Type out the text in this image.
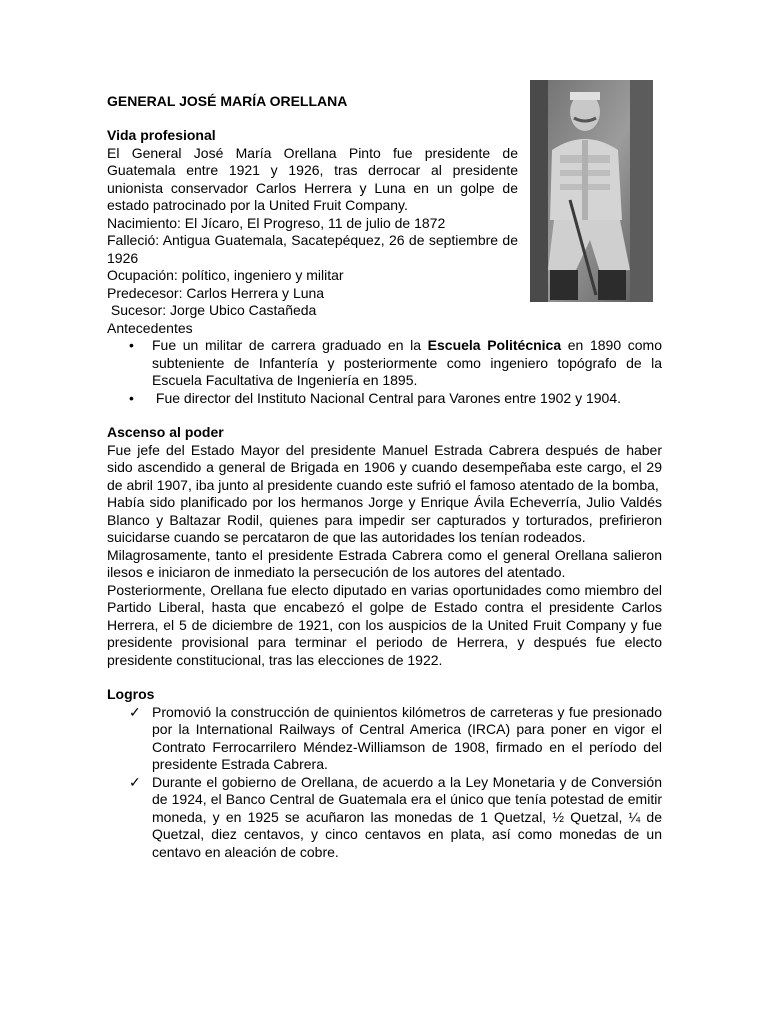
GENERAL JOSÉ MARÍA ORELLANA

Vida profesional

El General José María Orellana Pinto fue presidente de Guatemala entre 1921 y 1926, tras derrocar al presidente unionista conservador Carlos Herrera y Luna en un golpe de estado patrocinado por la United Fruit Company.

Nacimiento: El Jícaro, El Progreso, 11 de julio de 1872

Falleció: Antigua Guatemala, Sacatepéquez, 26 de septiembre de 1926

Ocupación: político, ingeniero y militar

Predecesor: Carlos Herrera y Luna

Sucesor: Jorge Ubico Castañeda

Antecedentes

• Fue un militar de carrera graduado en la Escuela Politécnica en 1890 como subteniente de Infantería y posteriormente como ingeniero topógrafo de la Escuela Facultativa de Ingeniería en 1895.
• Fue director del Instituto Nacional Central para Varones entre 1902 y 1904.

Ascenso al poder

Fue jefe del Estado Mayor del presidente Manuel Estrada Cabrera después de haber sido ascendido a general de Brigada en 1906 y cuando desempeñaba este cargo, el 29 de abril 1907, iba junto al presidente cuando este sufrió el famoso atentado de la bomba,

Había sido planificado por los hermanos Jorge y Enrique Ávila Echeverría, Julio Valdés Blanco y Baltazar Rodil, quienes para impedir ser capturados y torturados, prefirieron suicidarse cuando se percataron de que las autoridades los tenían rodeados.

Milagrosamente, tanto el presidente Estrada Cabrera como el general Orellana salieron ilesos e iniciaron de inmediato la persecución de los autores del atentado.

Posteriormente, Orellana fue electo diputado en varias oportunidades como miembro del Partido Liberal, hasta que encabezó el golpe de Estado contra el presidente Carlos Herrera, el 5 de diciembre de 1921, con los auspicios de la United Fruit Company y fue presidente provisional para terminar el periodo de Herrera, y después fue electo presidente constitucional, tras las elecciones de 1922.

Logros

✓ Promovió la construcción de quinientos kilómetros de carreteras y fue presionado por la International Railways of Central America (IRCA) para poner en vigor el Contrato Ferrocarrilero Méndez-Williamson de 1908, firmado en el período del presidente Estrada Cabrera.
✓ Durante el gobierno de Orellana, de acuerdo a la Ley Monetaria y de Conversión de 1924, el Banco Central de Guatemala era el único que tenía potestad de emitir moneda, y en 1925 se acuñaron las monedas de 1 Quetzal, ½ Quetzal, ¼ de Quetzal, diez centavos, y cinco centavos en plata, así como monedas de un centavo en aleación de cobre.
